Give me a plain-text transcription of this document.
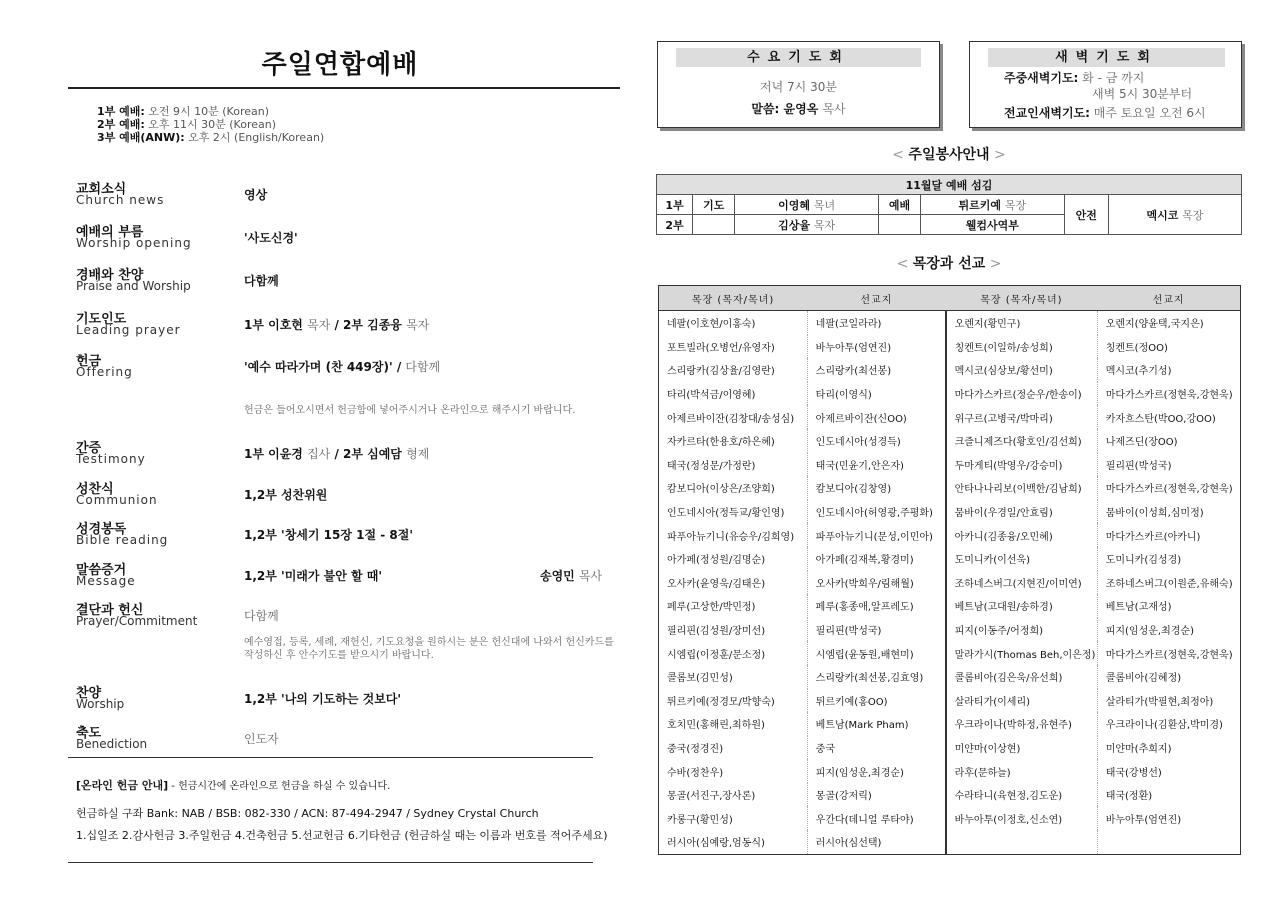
주일연합예배
1부 예배: 오전 9시 10분 (Korean)
2부 예배: 오후 11시 30분 (Korean)
3부 예배(ANW): 오후 2시 (English/Korean)
교회소식
Church news	영상
예배의 부름
Worship opening	'사도신경'
경배와 찬양
Praise and Worship	다함께
기도인도
Leading prayer	1부 이호현 목자 / 2부 김종융 목자
헌금
Offering	'예수 따라가며 (찬 449장)' / 다함께
헌금은 들어오시면서 헌금함에 넣어주시거나 온라인으로 해주시기 바랍니다.
간증
Testimony	1부 이윤경 집사 / 2부 심예담 형제
성찬식
Communion	1,2부 성찬위원
성경봉독
Bible reading	1,2부 '창세기 15장 1절 - 8절'
말씀증거
Message	1,2부 '미래가 불안 할 때'	송영민 목사
결단과 헌신
Prayer/Commitment	다함께
예수영접, 등록, 세례, 재헌신, 기도요청을 원하시는 분은 헌신대에 나와서 헌신카드를 작성하신 후 안수기도를 받으시기 바랍니다.
찬양
Worship	1,2부 '나의 기도하는 것보다'
축도
Benediction	인도자
[온라인 헌금 안내] - 헌금시간에 온라인으로 헌금을 하실 수 있습니다.
헌금하실 구좌 Bank: NAB / BSB: 082-330 / ACN: 87-494-2947 / Sydney Crystal Church
1.십일조 2.감사헌금 3.주일헌금 4.건축헌금 5.선교헌금 6.기타헌금 (헌금하실 때는 이름과 번호를 적어주세요)
수요기도회
저녁 7시 30분
말씀: 윤영옥 목사
새벽기도회
주중새벽기도: 화 - 금 까지
새벽 5시 30분부터
전교인새벽기도: 매주 토요일 오전 6시
< 주일봉사안내 >
11월달 예배 섬김						
1부	기도	이영혜 목녀	예배	튀르키예 목장	안전	멕시코 목장
2부		김상율 목자		웰컴사역부		
< 목장과 선교 >
목장 (목자/목녀)	선교지	목장 (목자/목녀)	선교지
네팔(이호현/이홍숙)	네팔(코일라라)	오렌지(황민구)	오렌지(양윤택,국지은)
포트빌라(오병언/유영자)	바누아투(엄연진)	칭켄트(이일하/송성희)	칭켄트(정OO)
스리랑카(김상율/김영란)	스리랑카(최선봉)	멕시코(심상보/황선미)	멕시코(추기성)
타리(박석금/이영혜)	타리(이영식)	마다가스카르(정순우/한송이)	마다가스카르(정현욱,강현욱)
아제르바이잔(김창대/송성심)	아제르바이잔(신OO)	위구르(고병국/박마리)	카자흐스탄(박OO,강OO)
자카르타(한용호/하은혜)	인도네시아(성경득)	크즐니제즈다(황호인/김선희)	나제즈딘(장OO)
태국(정성문/가정란)	태국(민윤기,안은자)	두마게티(박영우/강승미)	필리핀(박성국)
캄보디아(이상은/조양희)	캄보디아(김창영)	안타나나리보(이백한/김남희)	마다가스카르(정현욱,강현욱)
인도네시아(정득교/황인영)	인도네시아(허영광,주평화)	뭄바이(우경일/안효림)	뭄바이(이성희,심미정)
파푸아뉴기니(유승우/김희영)	파푸아뉴기니(문성,이민아)	아카니(김종융/오민혜)	마다가스카르(아카니)
아가페(정성원/김명순)	아가페(김재복,황경미)	도미니카(이선욱)	도미니카(김성경)
오사카(윤영욱/김태은)	오사카(박희우/림해월)	조하네스버그(지현진/이미연)	조하네스버그(이원준,유해숙)
페루(고상한/박민정)	페루(홍종애,알프레도)	베트남(고대원/송하경)	베트남(고재성)
필리핀(김성원/장미선)	필리핀(박성국)	피지(이동주/어정희)	피지(임성운,최경순)
시엠립(이정훈/문소정)	시엠립(윤동원,배현미)	말라가시(Thomas Beh,이은정)	마다가스카르(정현욱,강현욱)
콜롬보(김민성)	스리랑카(최선봉,김효영)	콜롬비아(김은욱/유선희)	콜롬비아(김혜정)
튀르키예(정경모/박향숙)	튀르키예(홍OO)	살라티가(이세리)	살라티가(박필현,최정아)
호치민(홍해린,최하원)	베트남(Mark Pham)	우크라이나(박하정,유현주)	우크라이나(김환삼,박미경)
중국(정경진)	중국	미얀마(이상현)	미얀마(추희지)
수바(정찬우)	피지(임성운,최경순)	라후(문하늘)	태국(강병선)
몽골(서진구,장사론)	몽골(강저릭)	수라타니(육현정,김도운)	태국(정환)
카롱구(황민성)	우간다(데니얼 루타야)	바누아투(이정호,신소연)	바누아투(엄연진)
러시아(심예랑,엄동식)	러시아(심선택)		
